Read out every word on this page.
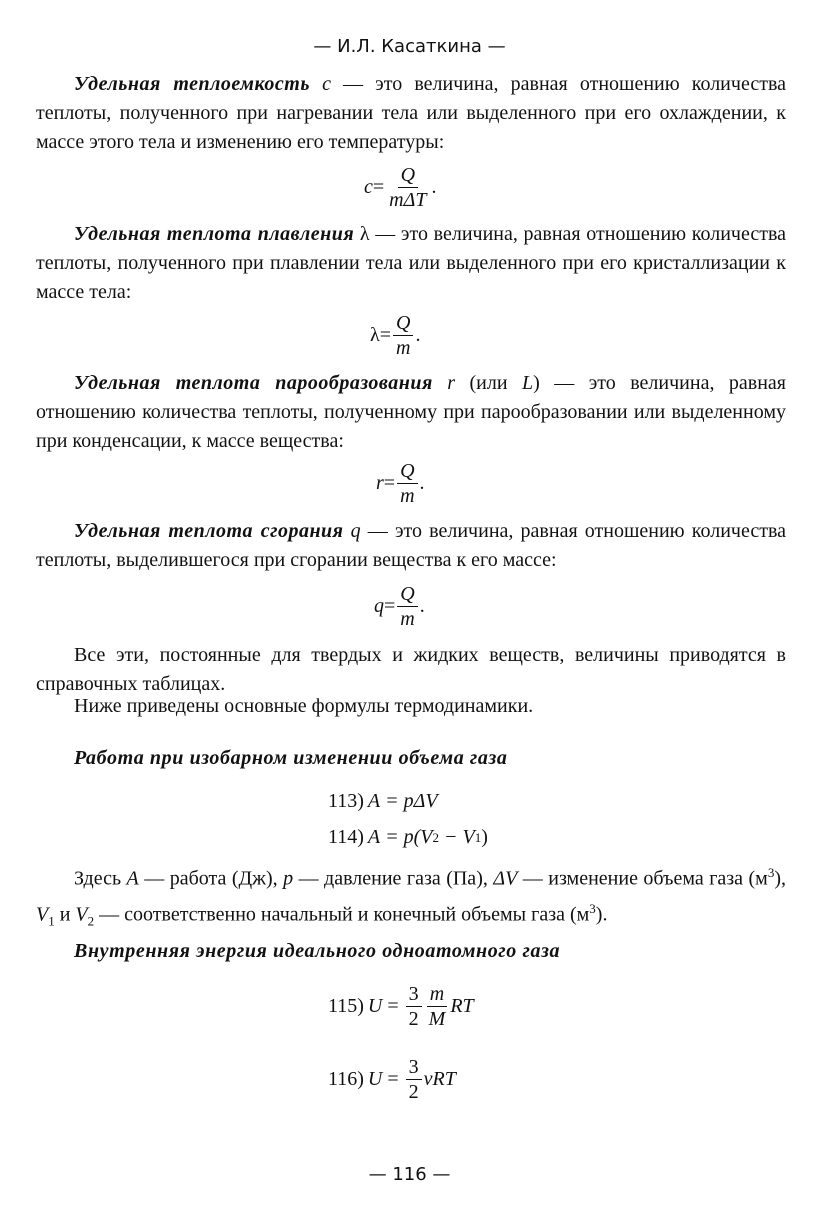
— И.Л. Касаткина —

Удельная теплоемкость c — это величина, равная отношению количества теплоты, полученного при нагревании тела или выделенного при его охлаждении, к массе этого тела и изменению его температуры:

$c = \frac{Q}{\text{mΔT}}$ .

Удельная теплота плавления λ — это величина, равная отношению количества теплоты, полученного при плавлении тела или выделенного при его кристаллизации к массе тела:

$\lambda = \frac{Q}{m}$ .

Удельная теплота парообразования r (или L) — это величина, равная отношению количества теплоты, полученному при парообразовании или выделенному при конденсации, к массе вещества:

$r = \frac{Q}{m}$ .

Удельная теплота сгорания q — это величина, равная отношению количества теплоты, выделившегося при сгорании вещества к его массе:

$q = \frac{Q}{m}$ .

Все эти, постоянные для твердых и жидких веществ, величины приводятся в справочных таблицах.

Ниже приведены основные формулы термодинамики.

Работа при изобарном изменении объема газа
113) A = pΔV
114) A = p(V 2 − V 1 )

Здесь A — работа (Дж), p — давление газа (Па), ΔV — изменение объема газа $(м^3)$, $V_1$ и $V_2$ — соответственно начальный и конечный объемы газа $(м^3)$.

Внутренняя энергия идеального одноатомного газа
115) $U = \frac{3}{2} \frac{m}{M}$ RT
116) $U = \frac{3}{2}$ νRT
— 116 —
